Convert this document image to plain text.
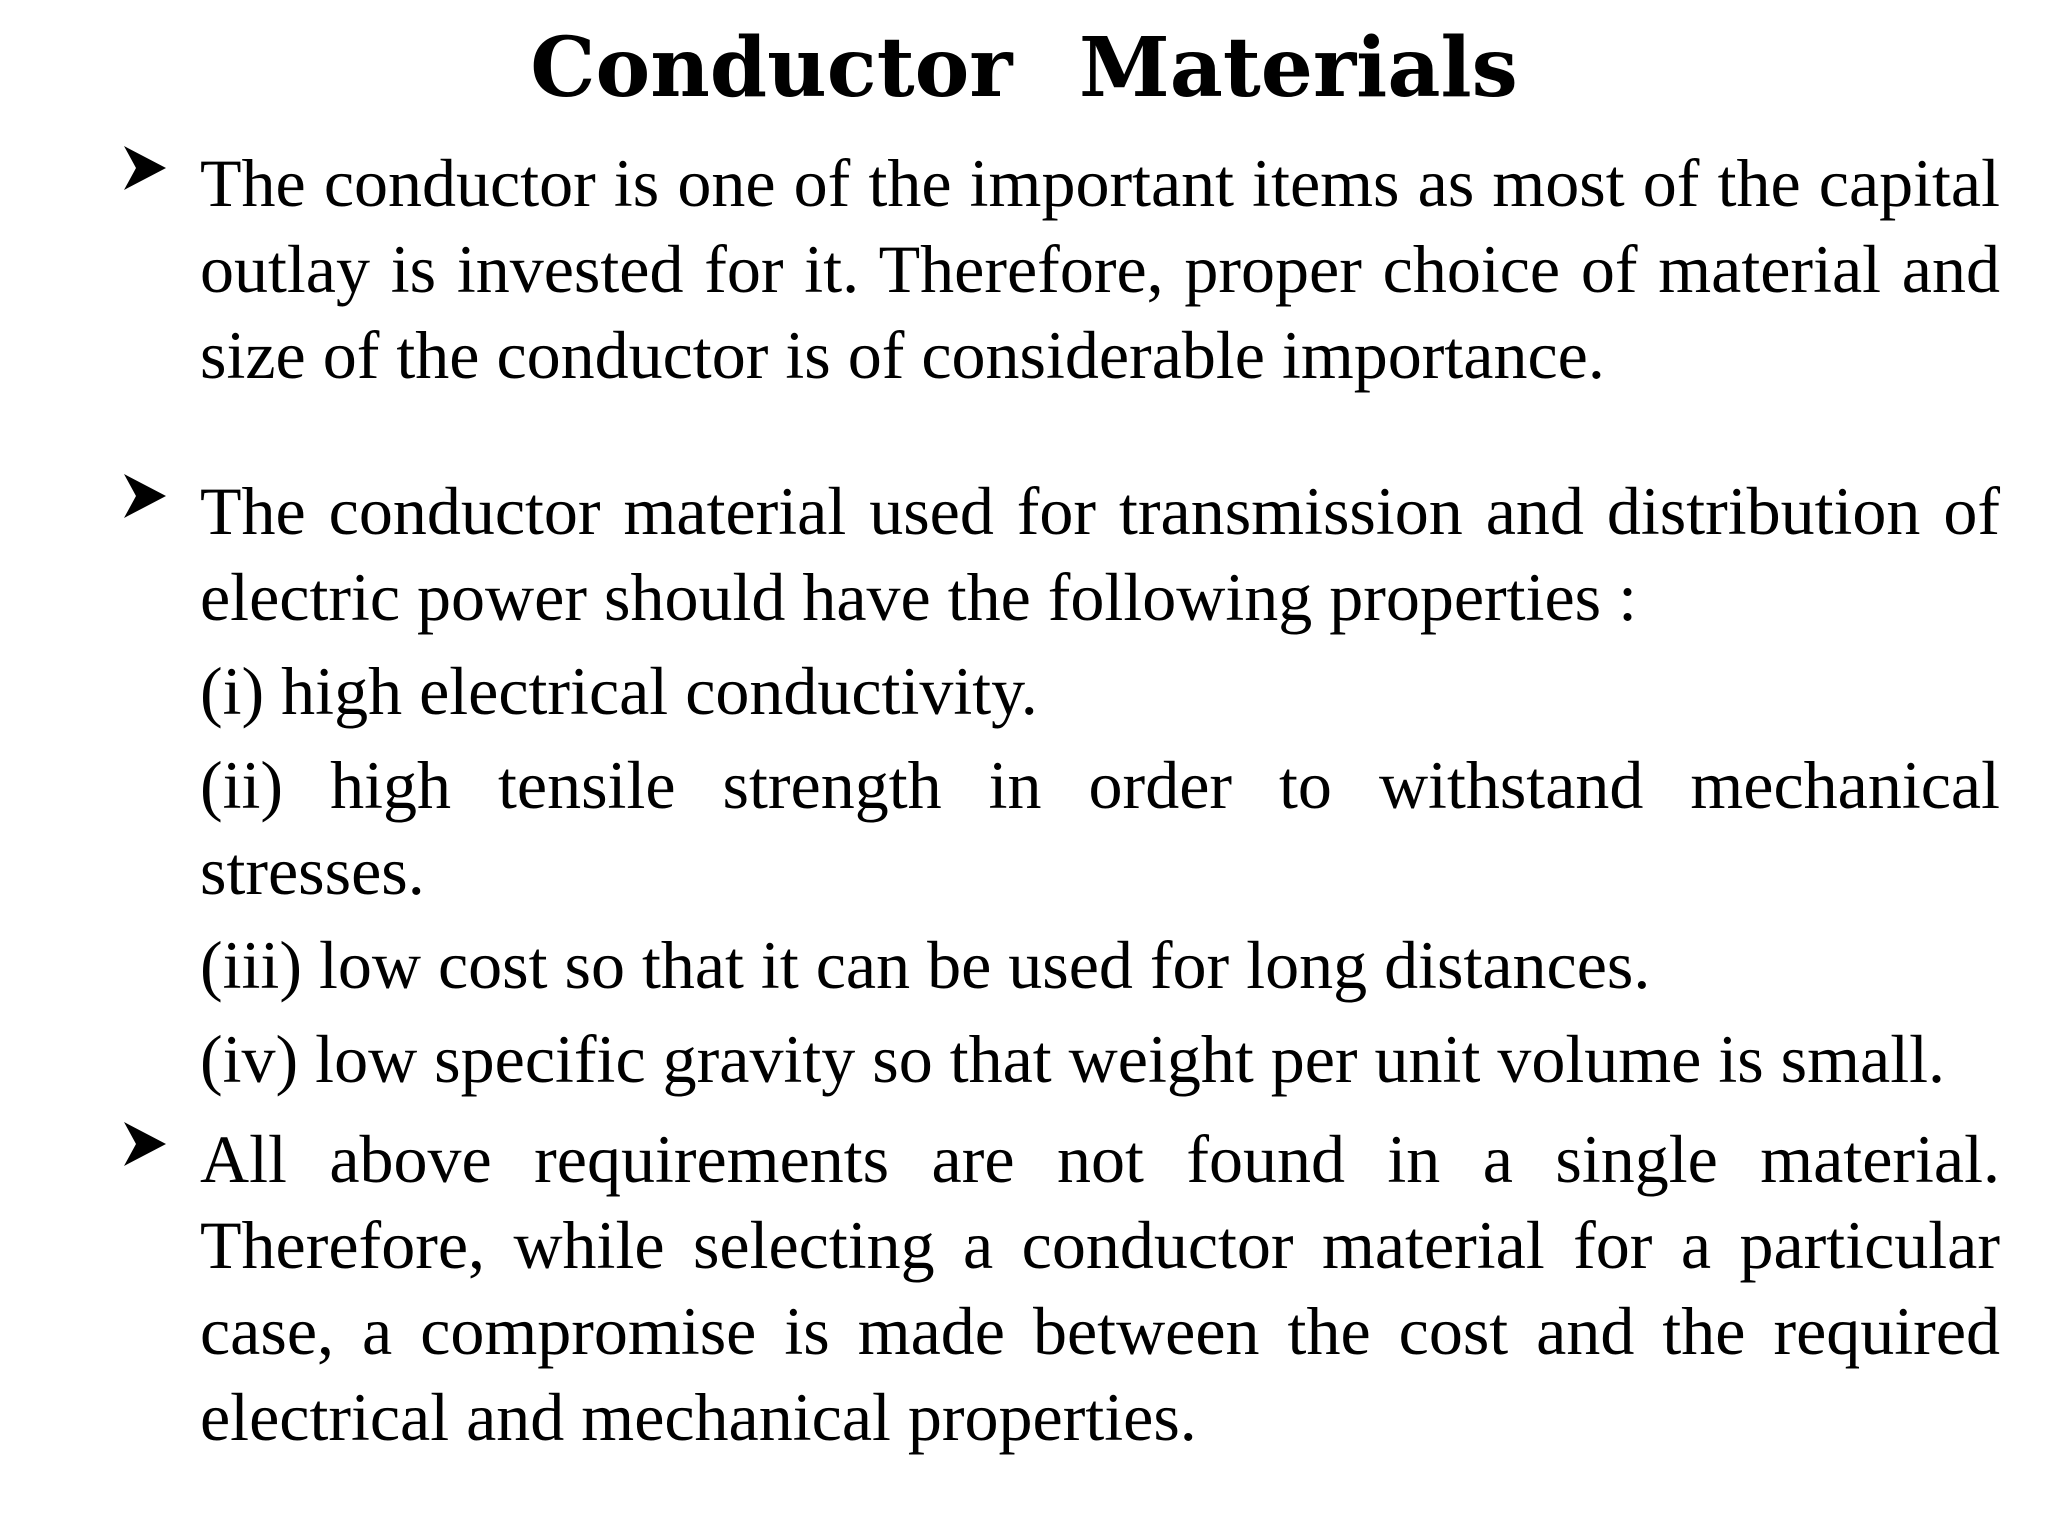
Conductor Materials

The conductor is one of the important items as most of the capital outlay is invested for it. Therefore, proper choice of material and size of the conductor is of considerable importance.

The conductor material used for transmission and distribution of electric power should have the following properties :

(i) high electrical conductivity.

(ii) high tensile strength in order to withstand mechanical stresses.

(iii) low cost so that it can be used for long distances.

(iv) low specific gravity so that weight per unit volume is small.

All above requirements are not found in a single material. Therefore, while selecting a conductor material for a particular case, a compromise is made between the cost and the required electrical and mechanical properties.
